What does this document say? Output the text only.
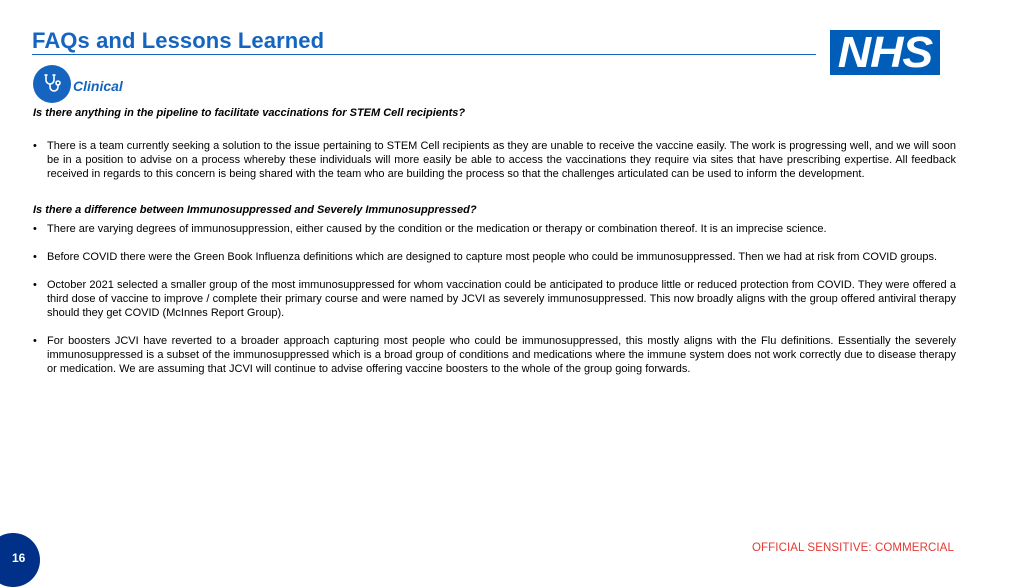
FAQs and Lessons Learned	NHS
Clinical

Is there anything in the pipeline to facilitate vaccinations for STEM Cell recipients?

• There is a team currently seeking a solution to the issue pertaining to STEM Cell recipients as they are unable to receive the vaccine easily. The work is progressing well, and we will soon be in a position to advise on a process whereby these individuals will more easily be able to access the vaccinations they require via sites that have prescribing expertise. All feedback received in regards to this concern is being shared with the team who are building the process so that the challenges articulated can be used to inform the development.

Is there a difference between Immunosuppressed and Severely Immunosuppressed?

• There are varying degrees of immunosuppression, either caused by the condition or the medication or therapy or combination thereof. It is an imprecise science.
• Before COVID there were the Green Book Influenza definitions which are designed to capture most people who could be immunosuppressed. Then we had at risk from COVID groups.
• October 2021 selected a smaller group of the most immunosuppressed for whom vaccination could be anticipated to produce little or reduced protection from COVID. They were offered a third dose of vaccine to improve / complete their primary course and were named by JCVI as severely immunosuppressed. This now broadly aligns with the group offered antiviral therapy should they get COVID (McInnes Report Group).
• For boosters JCVI have reverted to a broader approach capturing most people who could be immunosuppressed, this mostly aligns with the Flu definitions. Essentially the severely immunosuppressed is a subset of the immunosuppressed which is a broad group of conditions and medications where the immune system does not work correctly due to disease therapy or medication. We are assuming that JCVI will continue to advise offering vaccine boosters to the whole of the group going forwards.
16
OFFICIAL SENSITIVE: COMMERCIAL
